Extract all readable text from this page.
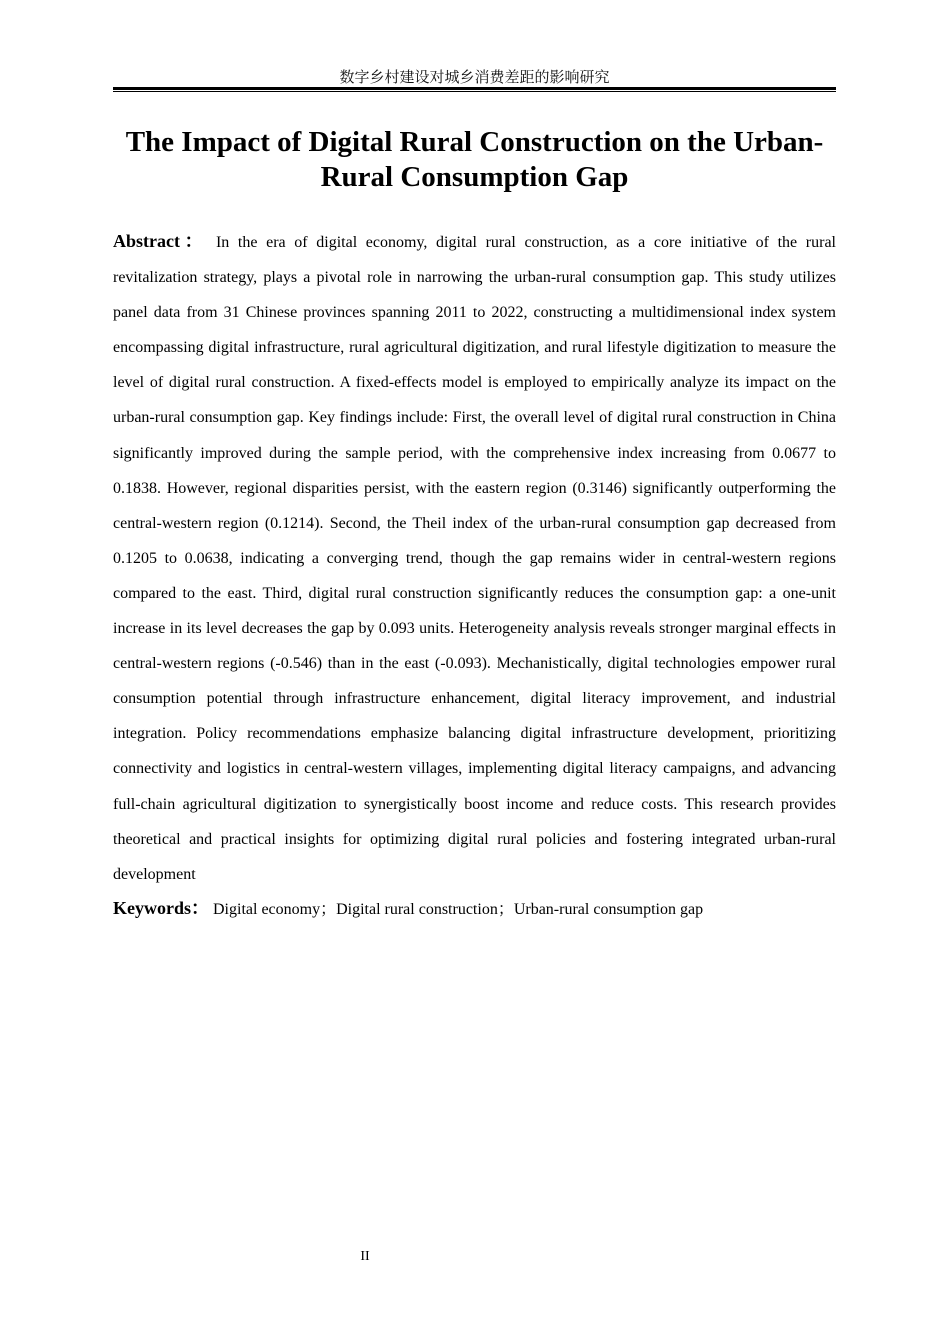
数字乡村建设对城乡消费差距的影响研究
The Impact of Digital Rural Construction on the Urban-Rural Consumption Gap

Abstract： In the era of digital economy, digital rural construction, as a core initiative of the rural revitalization strategy, plays a pivotal role in narrowing the urban-rural consumption gap. This study utilizes panel data from 31 Chinese provinces spanning 2011 to 2022, constructing a multidimensional index system encompassing digital infrastructure, rural agricultural digitization, and rural lifestyle digitization to measure the level of digital rural construction. A fixed-effects model is employed to empirically analyze its impact on the urban-rural consumption gap. Key findings include: First, the overall level of digital rural construction in China significantly improved during the sample period, with the comprehensive index increasing from 0.0677 to 0.1838. However, regional disparities persist, with the eastern region (0.3146) significantly outperforming the central-western region (0.1214). Second, the Theil index of the urban-rural consumption gap decreased from 0.1205 to 0.0638, indicating a converging trend, though the gap remains wider in central-western regions compared to the east. Third, digital rural construction significantly reduces the consumption gap: a one-unit increase in its level decreases the gap by 0.093 units. Heterogeneity analysis reveals stronger marginal effects in central-western regions (-0.546) than in the east (-0.093). Mechanistically, digital technologies empower rural consumption potential through infrastructure enhancement, digital literacy improvement, and industrial integration. Policy recommendations emphasize balancing digital infrastructure development, prioritizing connectivity and logistics in central-western villages, implementing digital literacy campaigns, and advancing full-chain agricultural digitization to synergistically boost income and reduce costs. This research provides theoretical and practical insights for optimizing digital rural policies and fostering integrated urban-rural development

Keywords： Digital economy；Digital rural construction；Urban-rural consumption gap

II
